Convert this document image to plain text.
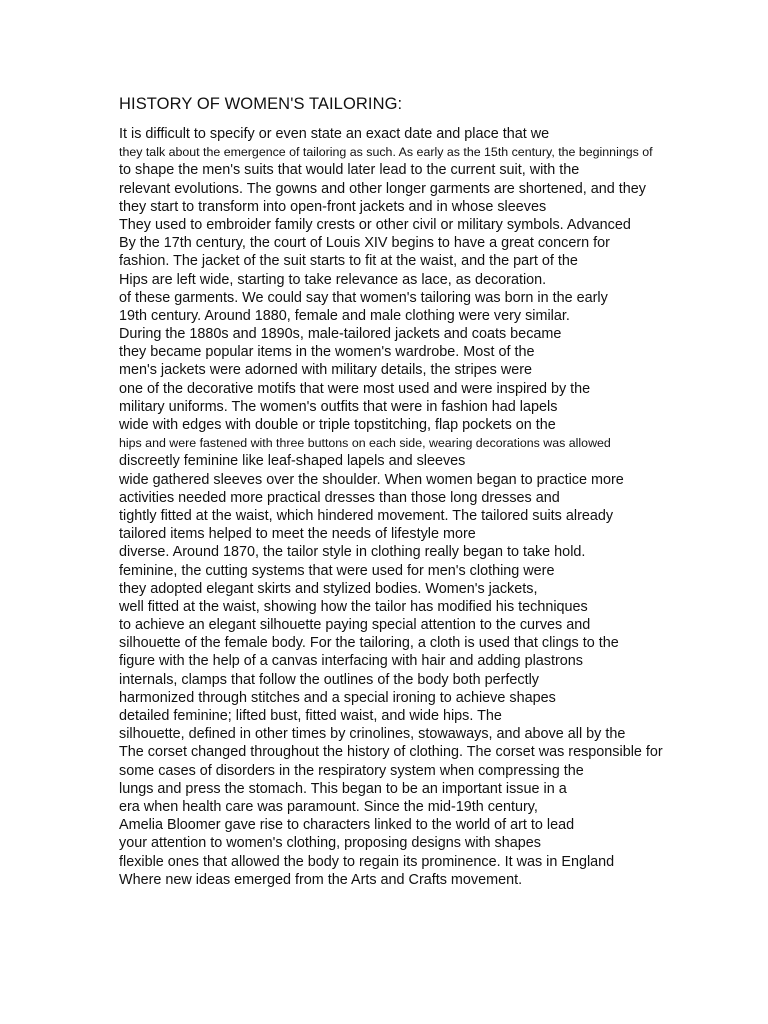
HISTORY OF WOMEN'S TAILORING:
It is difficult to specify or even state an exact date and place that we
they talk about the emergence of tailoring as such. As early as the 15th century, the beginnings of
to shape the men's suits that would later lead to the current suit, with the
relevant evolutions. The gowns and other longer garments are shortened, and they
they start to transform into open-front jackets and in whose sleeves
They used to embroider family crests or other civil or military symbols. Advanced
By the 17th century, the court of Louis XIV begins to have a great concern for
fashion. The jacket of the suit starts to fit at the waist, and the part of the
Hips are left wide, starting to take relevance as lace, as decoration.
of these garments. We could say that women's tailoring was born in the early
19th century. Around 1880, female and male clothing were very similar.
During the 1880s and 1890s, male-tailored jackets and coats became
they became popular items in the women's wardrobe. Most of the
men's jackets were adorned with military details, the stripes were
one of the decorative motifs that were most used and were inspired by the
military uniforms. The women's outfits that were in fashion had lapels
wide with edges with double or triple topstitching, flap pockets on the
hips and were fastened with three buttons on each side, wearing decorations was allowed
discreetly feminine like leaf-shaped lapels and sleeves
wide gathered sleeves over the shoulder. When women began to practice more
activities needed more practical dresses than those long dresses and
tightly fitted at the waist, which hindered movement. The tailored suits already
tailored items helped to meet the needs of lifestyle more
diverse. Around 1870, the tailor style in clothing really began to take hold.
feminine, the cutting systems that were used for men's clothing were
they adopted elegant skirts and stylized bodies. Women's jackets,
well fitted at the waist, showing how the tailor has modified his techniques
to achieve an elegant silhouette paying special attention to the curves and
silhouette of the female body. For the tailoring, a cloth is used that clings to the
figure with the help of a canvas interfacing with hair and adding plastrons
internals, clamps that follow the outlines of the body both perfectly
harmonized through stitches and a special ironing to achieve shapes
detailed feminine; lifted bust, fitted waist, and wide hips. The
silhouette, defined in other times by crinolines, stowaways, and above all by the
The corset changed throughout the history of clothing. The corset was responsible for
some cases of disorders in the respiratory system when compressing the
lungs and press the stomach. This began to be an important issue in a
era when health care was paramount. Since the mid-19th century,
Amelia Bloomer gave rise to characters linked to the world of art to lead
your attention to women's clothing, proposing designs with shapes
flexible ones that allowed the body to regain its prominence. It was in England
Where new ideas emerged from the Arts and Crafts movement.
